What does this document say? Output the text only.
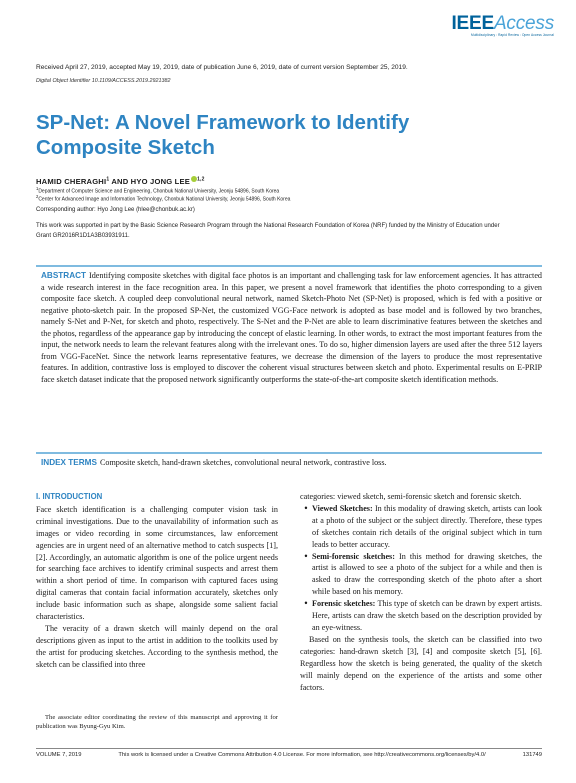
IEEEAccess
Multidisciplinary : Rapid Review : Open Access Journal
Received April 27, 2019, accepted May 19, 2019, date of publication June 6, 2019, date of current version September 25, 2019.
Digital Object Identifier 10.1109/ACCESS.2019.2921382
SP-Net: A Novel Framework to Identify Composite Sketch
HAMID CHERAGHI$^1$ AND HYO JONG LEE $^{1,2}$
$^1$Department of Computer Science and Engineering, Chonbuk National University, Jeonju 54896, South Korea
$^2$Center for Advanced Image and Information Technology, Chonbuk National University, Jeonju 54896, South Korea
Corresponding author: Hyo Jong Lee (hlee@chonbuk.ac.kr)
This work was supported in part by the Basic Science Research Program through the National Research Foundation of Korea (NRF) funded by the Ministry of Education under Grant GR2016R1D1A3B03931911.
ABSTRACT Identifying composite sketches with digital face photos is an important and challenging task for law enforcement agencies. It has attracted a wide research interest in the face recognition area. In this paper, we present a novel framework that identifies the photo corresponding to a given composite face sketch. A coupled deep convolutional neural network, named Sketch-Photo Net (SP-Net) is proposed, which is fed with a positive or negative photo-sketch pair. In the proposed SP-Net, the customized VGG-Face network is adopted as base model and is followed by two branches, namely S-Net and P-Net, for sketch and photo, respectively. The S-Net and the P-Net are able to learn discriminative features between the sketches and the photos, regardless of the appearance gap by introducing the concept of elastic learning. In other words, to extract the most important features from the input, the network needs to learn the relevant features along with the irrelevant ones. To do so, higher dimension layers are used after the three 512 layers from VGG-FaceNet. Since the network learns representative features, we decrease the dimension of the layers to produce the most representative features. In addition, contrastive loss is employed to discover the coherent visual structures between sketch and photo. Experimental results on E-PRIP face sketch dataset indicate that the proposed network significantly outperforms the state-of-the-art composite sketch identification methods.
INDEX TERMS Composite sketch, hand-drawn sketches, convolutional neural network, contrastive loss.
I. INTRODUCTION

Face sketch identification is a challenging computer vision task in criminal investigations. Due to the unavailability of information such as images or video recording in some circumstances, law enforcement agencies are in urgent need of an alternative method to catch suspects [1], [2]. Accordingly, an automatic algorithm is one of the police urgent needs for searching face archives to identify criminal suspects and arrest them within a short period of time. In comparison with captured faces using digital cameras that contain facial information accurately, sketches only include basic information such as shape, alongside some salient facial characteristics.

The veracity of a drawn sketch will mainly depend on the oral descriptions given as input to the artist in addition to the toolkits used by the artist for producing sketches. According to the synthesis method, the sketch can be classified into three

categories: viewed sketch, semi-forensic sketch and forensic sketch.

• Viewed Sketches: In this modality of drawing sketch, artists can look at a photo of the subject or the subject directly. Therefore, these types of sketches contain rich details of the original subject which in turn leads to better accuracy.
• Semi-forensic sketches: In this method for drawing sketches, the artist is allowed to see a photo of the subject for a while and then is asked to draw the corresponding sketch of the photo after a short while based on his memory.
• Forensic sketches: This type of sketch can be drawn by expert artists. Here, artists can draw the sketch based on the description provided by an eye-witness.

Based on the synthesis tools, the sketch can be classified into two categories: hand-drawn sketch [3], [4] and composite sketch [5], [6]. Regardless how the sketch is being generated, the quality of the sketch will mainly depend on the experience of the artists and some other factors.

The associate editor coordinating the review of this manuscript and approving it for publication was Byung-Gyu Kim.
VOLUME 7, 2019	This work is licensed under a Creative Commons Attribution 4.0 License. For more information, see http://creativecommons.org/licenses/by/4.0/	131749
